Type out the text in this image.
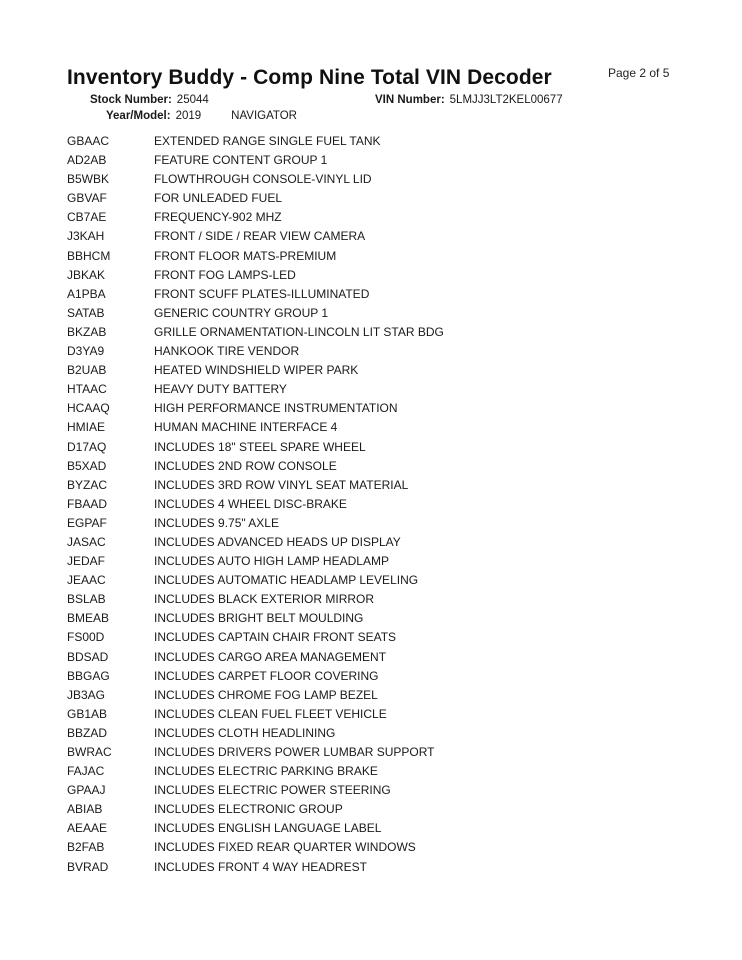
Inventory Buddy - Comp Nine Total VIN Decoder	Page 2 of 5
Stock Number: 25044	VIN Number: 5LMJJ3LT2KEL00677
Year/Model: 2019	NAVIGATOR
GBAAC	EXTENDED RANGE SINGLE FUEL TANK
AD2AB	FEATURE CONTENT GROUP 1
B5WBK	FLOWTHROUGH CONSOLE-VINYL LID
GBVAF	FOR UNLEADED FUEL
CB7AE	FREQUENCY-902 MHZ
J3KAH	FRONT / SIDE / REAR VIEW CAMERA
BBHCM	FRONT FLOOR MATS-PREMIUM
JBKAK	FRONT FOG LAMPS-LED
A1PBA	FRONT SCUFF PLATES-ILLUMINATED
SATAB	GENERIC COUNTRY GROUP 1
BKZAB	GRILLE ORNAMENTATION-LINCOLN LIT STAR BDG
D3YA9	HANKOOK TIRE VENDOR
B2UAB	HEATED WINDSHIELD WIPER PARK
HTAAC	HEAVY DUTY BATTERY
HCAAQ	HIGH PERFORMANCE INSTRUMENTATION
HMIAE	HUMAN MACHINE INTERFACE 4
D17AQ	INCLUDES 18" STEEL SPARE WHEEL
B5XAD	INCLUDES 2ND ROW CONSOLE
BYZAC	INCLUDES 3RD ROW VINYL SEAT MATERIAL
FBAAD	INCLUDES 4 WHEEL DISC-BRAKE
EGPAF	INCLUDES 9.75" AXLE
JASAC	INCLUDES ADVANCED HEADS UP DISPLAY
JEDAF	INCLUDES AUTO HIGH LAMP HEADLAMP
JEAAC	INCLUDES AUTOMATIC HEADLAMP LEVELING
BSLAB	INCLUDES BLACK EXTERIOR MIRROR
BMEAB	INCLUDES BRIGHT BELT MOULDING
FS00D	INCLUDES CAPTAIN CHAIR FRONT SEATS
BDSAD	INCLUDES CARGO AREA MANAGEMENT
BBGAG	INCLUDES CARPET FLOOR COVERING
JB3AG	INCLUDES CHROME FOG LAMP BEZEL
GB1AB	INCLUDES CLEAN FUEL FLEET VEHICLE
BBZAD	INCLUDES CLOTH HEADLINING
BWRAC	INCLUDES DRIVERS POWER LUMBAR SUPPORT
FAJAC	INCLUDES ELECTRIC PARKING BRAKE
GPAAJ	INCLUDES ELECTRIC POWER STEERING
ABIAB	INCLUDES ELECTRONIC GROUP
AEAAE	INCLUDES ENGLISH LANGUAGE LABEL
B2FAB	INCLUDES FIXED REAR QUARTER WINDOWS
BVRAD	INCLUDES FRONT 4 WAY HEADREST
